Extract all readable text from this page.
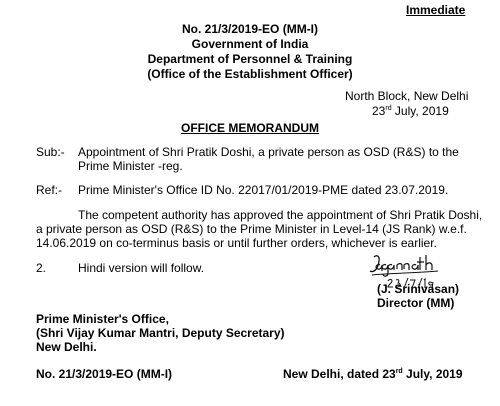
Immediate
No. 21/3/2019-EO (MM-I)
Government of India
Department of Personnel & Training
(Office of the Establishment Officer)
North Block, New Delhi
23rd July, 2019
OFFICE MEMORANDUM
Sub:- Appointment of Shri Pratik Doshi, a private person as OSD (R&S) to the
Prime Minister -reg.
Ref:- Prime Minister's Office ID No. 22017/01/2019-PME dated 23.07.2019.
The competent authority has approved the appointment of Shri Pratik Doshi,
a private person as OSD (R&S) to the Prime Minister in Level-14 (JS Rank) w.e.f.
14.06.2019 on co-terminus basis or until further orders, whichever is earlier.
2.	Hindi version will follow.
(J. Srinivasan)
Director (MM)
Prime Minister's Office,
(Shri Vijay Kumar Mantri, Deputy Secretary)
New Delhi.
No. 21/3/2019-EO (MM-I)	New Delhi, dated 23rd July, 2019
